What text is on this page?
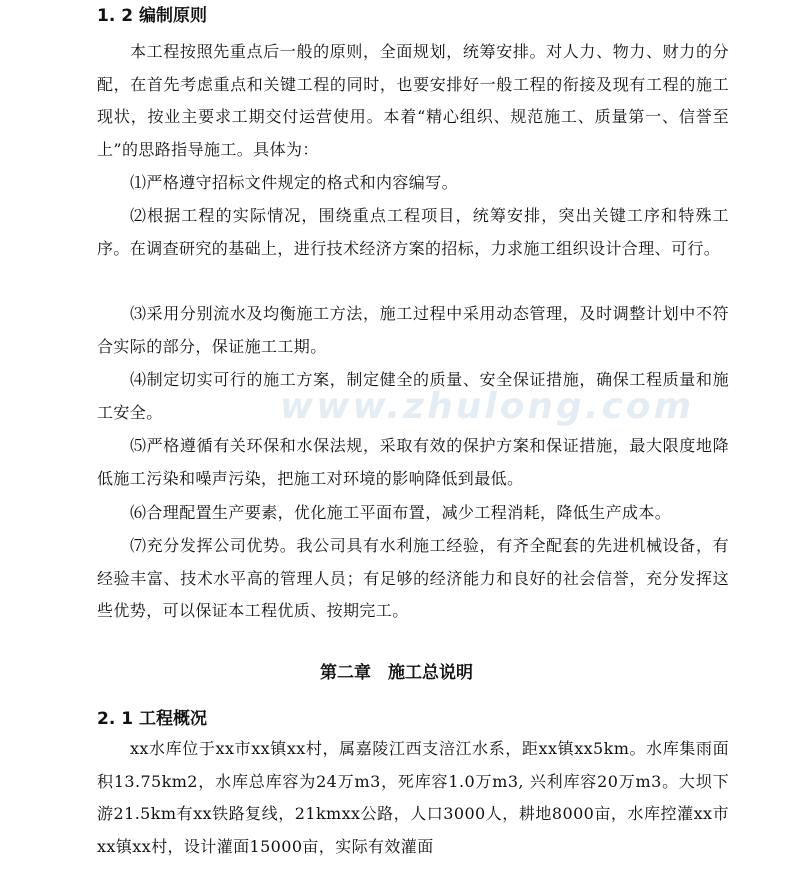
www.zhulong.com
1. 2 编制原则

本工程按照先重点后一般的原则，全面规划，统筹安排。对人力、物力、财力的分配，在首先考虑重点和关键工程的同时，也要安排好一般工程的衔接及现有工程的施工现状，按业主要求工期交付运营使用。本着“精心组织、规范施工、质量第一、信誉至上”的思路指导施工。具体为：

⑴严格遵守招标文件规定的格式和内容编写。

⑵根据工程的实际情况，围绕重点工程项目，统筹安排，突出关键工序和特殊工序。在调查研究的基础上，进行技术经济方案的招标，力求施工组织设计合理、可行。

⑶采用分别流水及均衡施工方法，施工过程中采用动态管理，及时调整计划中不符合实际的部分，保证施工工期。

⑷制定切实可行的施工方案，制定健全的质量、安全保证措施，确保工程质量和施工安全。

⑸严格遵循有关环保和水保法规，采取有效的保护方案和保证措施，最大限度地降低施工污染和噪声污染，把施工对环境的影响降低到最低。

⑹合理配置生产要素，优化施工平面布置，减少工程消耗，降低生产成本。

⑺充分发挥公司优势。我公司具有水利施工经验，有齐全配套的先进机械设备，有经验丰富、技术水平高的管理人员；有足够的经济能力和良好的社会信誉，充分发挥这些优势，可以保证本工程优质、按期完工。

第二章　施工总说明
2. 1 工程概况

xx水库位于xx市xx镇xx村，属嘉陵江西支涪江水系，距xx镇xx5km。水库集雨面积13.75km2，水库总库容为24万m3，死库容1.0万m3, 兴利库容20万m3。大坝下游21.5km有xx铁路复线，21kmxx公路，人口3000人，耕地8000亩，水库控灌xx市xx镇xx村，设计灌面15000亩，实际有效灌面
